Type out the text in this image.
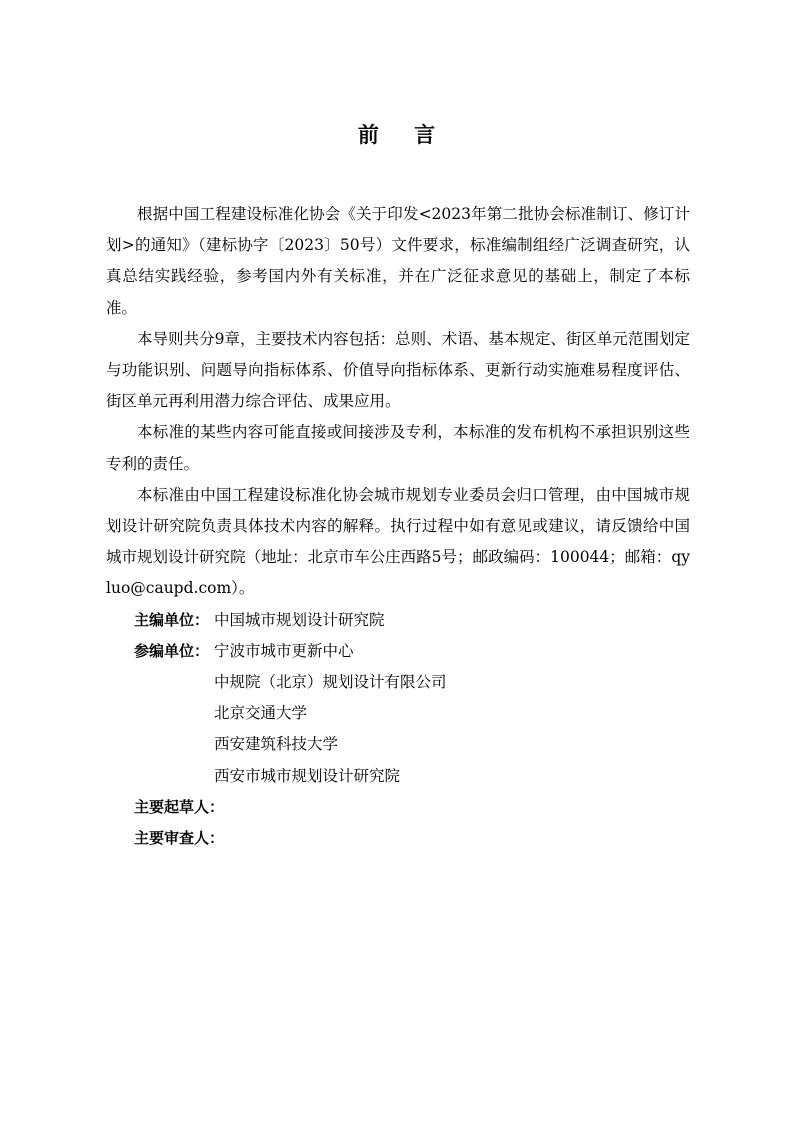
前 言

根据中国工程建设标准化协会《关于印发<2023年第二批协会标准制订、修订计划>的通知》（建标协字〔2023〕50号）文件要求，标准编制组经广泛调查研究，认真总结实践经验，参考国内外有关标准，并在广泛征求意见的基础上，制定了本标准。

本导则共分9章，主要技术内容包括：总则、术语、基本规定、街区单元范围划定与功能识别、问题导向指标体系、价值导向指标体系、更新行动实施难易程度评估、街区单元再利用潜力综合评估、成果应用。

本标准的某些内容可能直接或间接涉及专利，本标准的发布机构不承担识别这些专利的责任。

本标准由中国工程建设标准化协会城市规划专业委员会归口管理，由中国城市规划设计研究院负责具体技术内容的解释。执行过程中如有意见或建议，请反馈给中国城市规划设计研究院（地址：北京市车公庄西路5号；邮政编码：100044；邮箱：qyluo@caupd.com）。

主编单位： 中国城市规划设计研究院
参编单位： 宁波市城市更新中心
中规院（北京）规划设计有限公司
北京交通大学
西安建筑科技大学
西安市城市规划设计研究院
主要起草人：
主要审查人：
